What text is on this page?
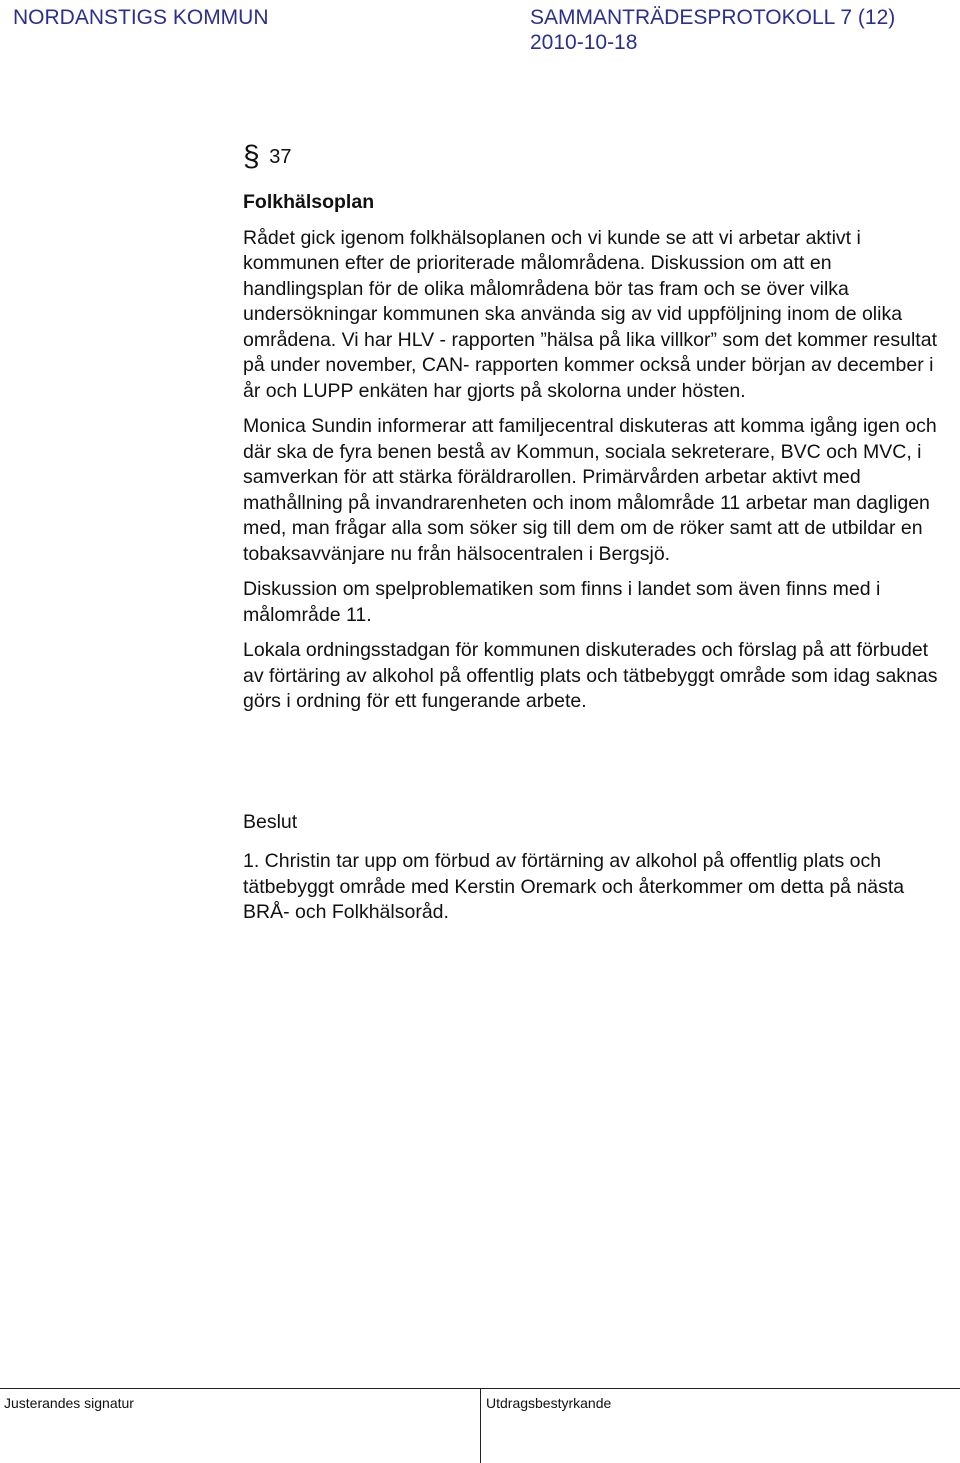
NORDANSTIGS KOMMUN	SAMMANTRÄDESPROTOKOLL 7 (12)
2010-10-18
§ 37

Folkhälsoplan

Rådet gick igenom folkhälsoplanen och vi kunde se att vi arbetar aktivt i kommunen efter de prioriterade målområdena. Diskussion om att en handlingsplan för de olika målområdena bör tas fram och se över vilka undersökningar kommunen ska använda sig av vid uppföljning inom de olika områdena. Vi har HLV - rapporten ”hälsa på lika villkor” som det kommer resultat på under november, CAN- rapporten kommer också under början av december i år och LUPP enkäten har gjorts på skolorna under hösten.

Monica Sundin informerar att familjecentral diskuteras att komma igång igen och där ska de fyra benen bestå av Kommun, sociala sekreterare, BVC och MVC, i samverkan för att stärka föräldrarollen. Primärvården arbetar aktivt med mathållning på invandrarenheten och inom målområde 11 arbetar man dagligen med, man frågar alla som söker sig till dem om de röker samt att de utbildar en tobaksavvänjare nu från hälsocentralen i Bergsjö.

Diskussion om spelproblematiken som finns i landet som även finns med i målområde 11.

Lokala ordningsstadgan för kommunen diskuterades och förslag på att förbudet av förtäring av alkohol på offentlig plats och tätbebyggt område som idag saknas görs i ordning för ett fungerande arbete.

Beslut

1. Christin tar upp om förbud av förtärning av alkohol på offentlig plats och tätbebyggt område med Kerstin Oremark och återkommer om detta på nästa BRÅ- och Folkhälsoråd.

Justerandes signatur	Utdragsbestyrkande
